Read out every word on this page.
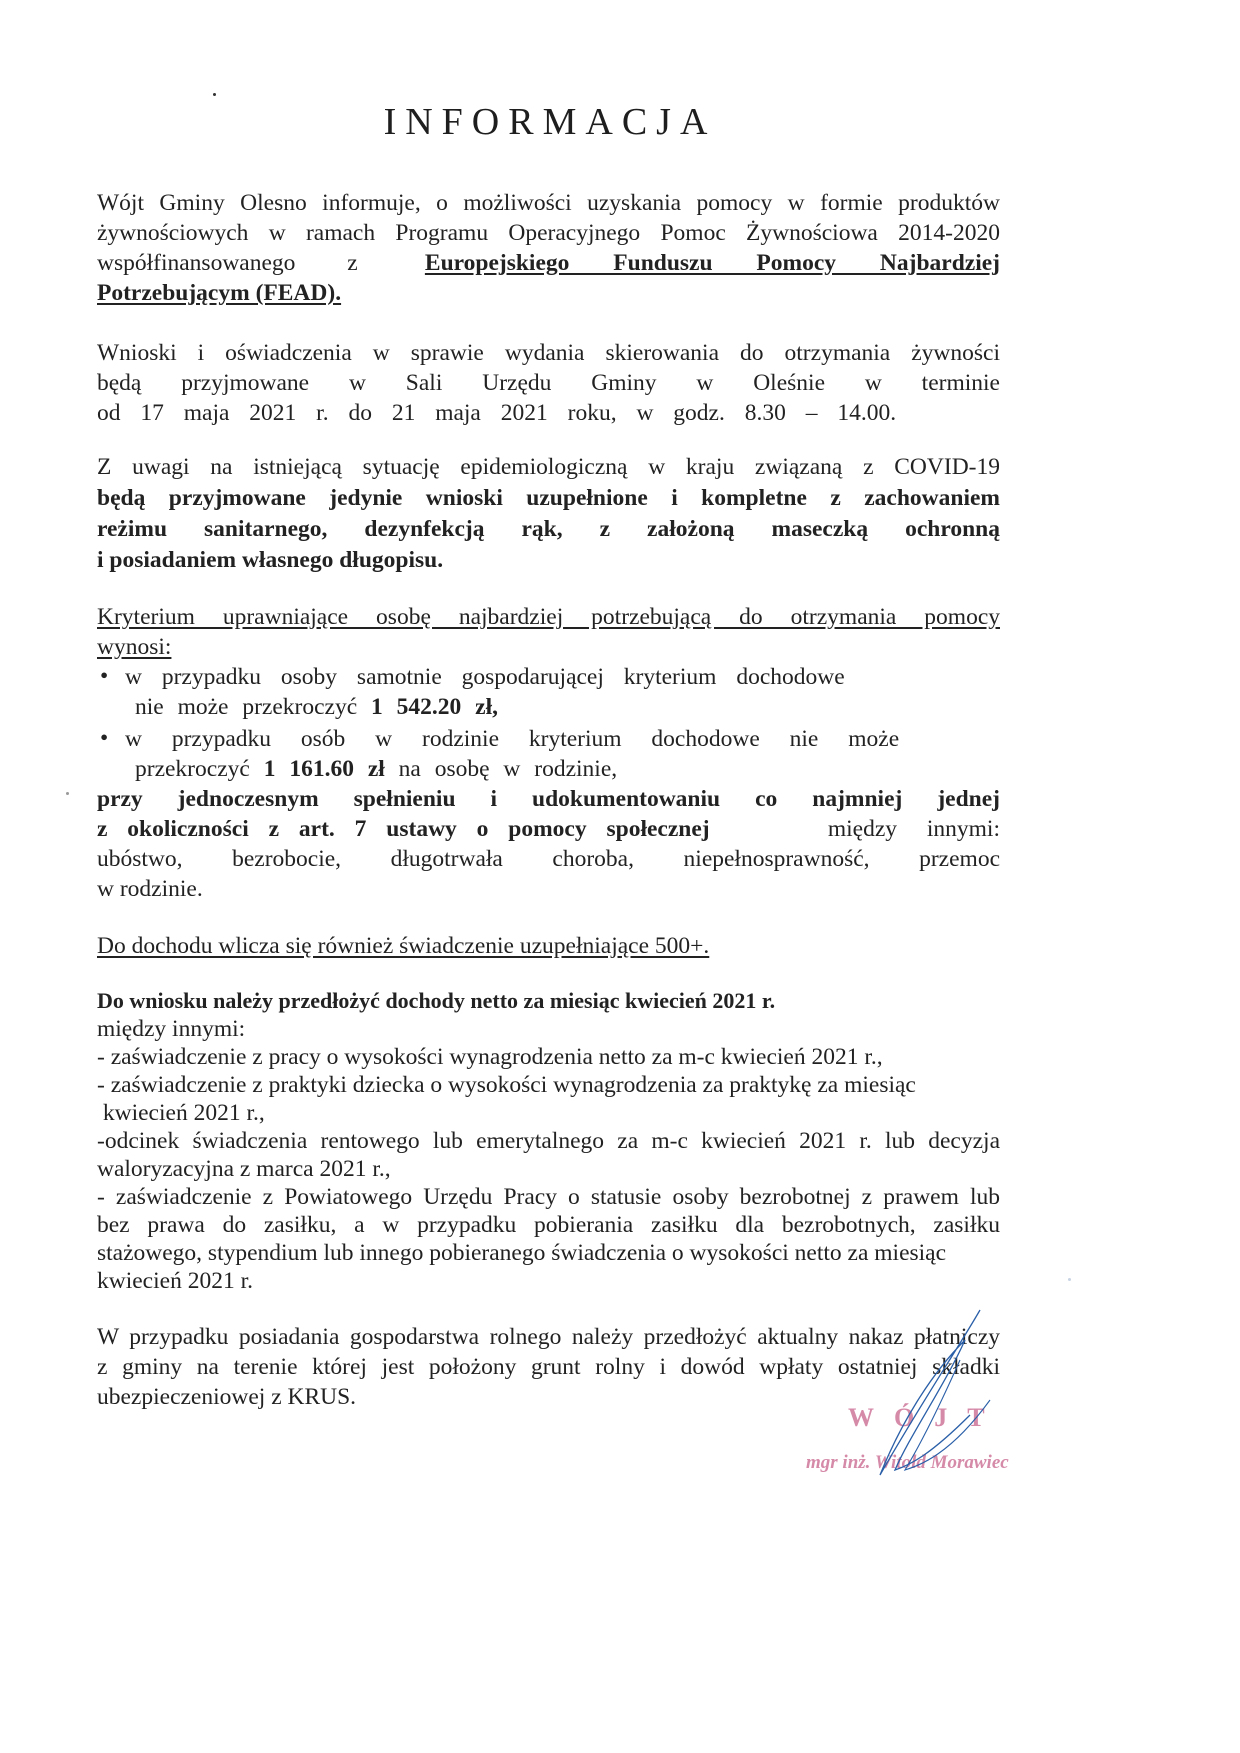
INFORMACJA
Wójt Gminy Olesno informuje, o możliwości uzyskania pomocy w formie produktów
żywnościowych w ramach Programu Operacyjnego Pomoc Żywnościowa 2014-2020
współfinansowanego z	Europejskiego Funduszu Pomocy Najbardziej
Potrzebującym (FEAD).
Wnioski i oświadczenia w sprawie wydania skierowania do otrzymania żywności
będą przyjmowane w Sali Urzędu Gminy w Oleśnie w terminie
od 17 maja 2021 r. do 21 maja 2021 roku, w godz. 8.30 – 14.00.
Z uwagi na istniejącą sytuację epidemiologiczną w kraju związaną z COVID-19
będą przyjmowane jedynie wnioski uzupełnione i kompletne z zachowaniem
reżimu sanitarnego, dezynfekcją rąk, z założoną maseczką ochronną
i posiadaniem własnego długopisu.
Kryterium uprawniające osobę najbardziej potrzebującą do otrzymania pomocy
wynosi:
• w przypadku osoby samotnie gospodarującej kryterium dochodowe
nie może przekroczyć 1 542.20 zł,
• w przypadku osób w rodzinie kryterium dochodowe nie może
przekroczyć 1 161.60 zł na osobę w rodzinie,
przy jednoczesnym spełnieniu i udokumentowaniu co najmniej jednej
z okoliczności z art. 7 ustawy o pomocy społecznej	między innymi:
ubóstwo, bezrobocie, długotrwała choroba, niepełnosprawność, przemoc
w rodzinie.
Do dochodu wlicza się również świadczenie uzupełniające 500+.
Do wniosku należy przedłożyć dochody netto za miesiąc kwiecień 2021 r.
między innymi:
- zaświadczenie z pracy o wysokości wynagrodzenia netto za m-c kwiecień 2021 r.,
- zaświadczenie z praktyki dziecka o wysokości wynagrodzenia za praktykę za miesiąc
kwiecień 2021 r.,
-odcinek świadczenia rentowego lub emerytalnego za m-c kwiecień 2021 r. lub decyzja
waloryzacyjna z marca 2021 r.,
- zaświadczenie z Powiatowego Urzędu Pracy o statusie osoby bezrobotnej z prawem lub
bez prawa do zasiłku, a w przypadku pobierania zasiłku dla bezrobotnych, zasiłku
stażowego, stypendium lub innego pobieranego świadczenia o wysokości netto za miesiąc
kwiecień 2021 r.
W przypadku posiadania gospodarstwa rolnego należy przedłożyć aktualny nakaz płatniczy
z gminy na terenie której jest położony grunt rolny i dowód wpłaty ostatniej składki
ubezpieczeniowej z KRUS.
WÓJT
mgr inż. Witold Morawiec
